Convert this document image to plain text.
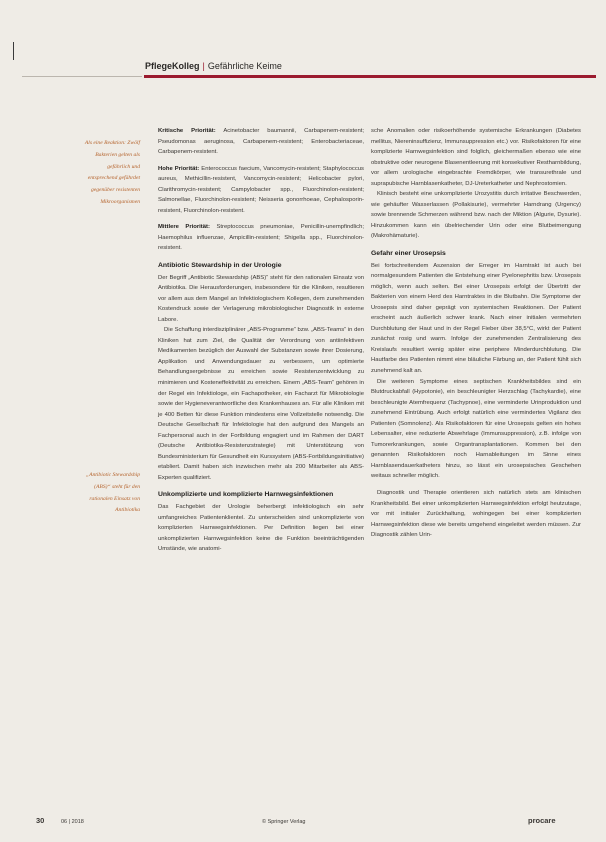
PflegeKolleg | Gefährliche Keime
Als eine Reaktion: Zwölf Bakterien gelten als gefährlich und entsprechend gefährdet gegenüber resistenten Mikroorganismen
„Antibiotic Stewardship (ABS)“ steht für den rationalen Einsatz von Antibiotika

Kritische Priorität: Acinetobacter baumannii, Carbapenem-resistent; Pseudomonas aeruginosa, Carbapenem-resistent; Enterobacteriaceae, Carbapenem-resistent.

Hohe Priorität: Enterococcus faecium, Vancomycin-resistent; Staphylococcus aureus, Methicillin-resistent, Vancomycin-resistent; Helicobacter pylori, Clarithromycin-resistent; Campylobacter spp., Fluorchinolon-resistent; Salmonellae, Fluorchinolon-resistent; Neisseria gonorrhoeae, Cephalosporin-resistent, Fluorchinolon-resistent.

Mittlere Priorität: Streptococcus pneumoniae, Penicillin-unempfindlich; Haemophilus influenzae, Ampicillin-resistent; Shigella spp., Fluorchinolon-resistent.

Antibiotic Stewardship in der Urologie

Der Begriff „Antibiotic Stewardship (ABS)“ steht für den rationalen Einsatz von Antibiotika. Die Herausforderungen, insbesondere für die Kliniken, resultieren vor allem aus dem Mangel an Infektiologischem Kollegen, dem zunehmenden Kostendruck sowie der Verlagerung mikrobiologischer Diagnostik in externe Labore.

Die Schaffung interdisziplinärer „ABS-Programme“ bzw. „ABS-Teams“ in den Kliniken hat zum Ziel, die Qualität der Verordnung von antiinfektiven Medikamenten bezüglich der Auswahl der Substanzen sowie ihrer Dosierung, Applikation und Anwendungsdauer zu verbessern, um optimierte Behandlungsergebnisse zu erreichen sowie Resistenzentwicklung zu minimieren und Kosteneffektivität zu erreichen. Einem „ABS-Team“ gehören in der Regel ein Infektiologe, ein Fachapotheker, ein Facharzt für Mikrobiologie sowie der Hygieneverantwortliche des Krankenhauses an. Für alle Kliniken mit je 400 Betten für diese Funktion mindestens eine Vollzeitstelle notwendig. Die Deutsche Gesellschaft für Infektiologie hat den aufgrund des Mangels an Fachpersonal auch in der Fortbildung engagiert und im Rahmen der DART (Deutsche Antibiotika-Resistenzstrategie) mit Unterstützung von Bundesministerium für Gesundheit ein Kurssystem (ABS-Fortbildungsinitiative) etabliert. Damit haben sich inzwischen mehr als 200 Mitarbeiter als ABS-Experten qualifiziert.

Unkomplizierte und komplizierte Harnwegsinfektionen

Das Fachgebiet der Urologie beherbergt infektiologisch ein sehr umfangreiches Patientenklientel. Zu unterscheiden sind unkomplizierte von komplizierten Harnwegsinfektionen. Per Definition liegen bei einer unkomplizierten Harnwegsinfektion keine die Funktion beeinträchtigenden Umstände, wie anatomi-

sche Anomalien oder risikoerhöhende systemische Erkrankungen (Diabetes mellitus, Niereninsuffizienz, Immunsuppression etc.) vor. Risikofaktoren für eine komplizierte Harnwegsinfektion sind folglich, gleichermaßen ebenso wie eine obstruktive oder neurogene Blasenentleerung mit konsekutiver Restharnbildung, vor allem urologische eingebrachte Fremdkörper, wie transurethrale und suprapubische Harnblasenkatheter, DJ-Ureterkatheter und Nephrostomien.

Klinisch besteht eine unkomplizierte Urozystitis durch irritative Beschwerden, wie gehäufter Wasserlassen (Pollakisurie), vermehrter Harndrang (Urgency) sowie brennende Schmerzen während bzw. nach der Miktion (Algurie, Dysurie). Hinzukommen kann ein übelriechender Urin oder eine Blutbeimengung (Makrohämaturie).

Gefahr einer Urosepsis

Bei fortschreitendem Aszension der Erreger im Harntrakt ist auch bei normalgesundem Patienten die Entstehung einer Pyelonephritis bzw. Urosepsis möglich, wenn auch selten. Bei einer Urosepsis erfolgt der Übertritt der Bakterien von einem Herd des Harntraktes in die Blutbahn. Die Symptome der Urosepsis sind daher geprägt von systemischen Reaktionen. Der Patient erscheint auch äußerlich schwer krank. Nach einer initialen vermehrten Durchblutung der Haut und in der Regel Fieber über 38,5°C, wirkt der Patient zunächst rosig und warm. Infolge der zunehmenden Zentralisierung des Kreislaufs resultiert wenig später eine periphere Minderdurchblutung. Die Hautfarbe des Patienten nimmt eine bläuliche Färbung an, der Patient fühlt sich zunehmend kalt an.

Die weiteren Symptome eines septischen Krankheitsbildes sind ein Blutdruckabfall (Hypotonie), ein beschleunigter Herzschlag (Tachykardie), eine beschleunigte Atemfrequenz (Tachypnoe), eine verminderte Urinproduktion und zunehmend Eintrübung. Auch erfolgt natürlich eine vermindertes Vigilanz des Patienten (Somnolenz). Als Risikofaktoren für eine Urosepsis gelten ein hohes Lebensalter, eine reduzierte Abwehrlage (Immunsuppression), z.B. infolge von Tumorerkrankungen, sowie Organtransplantationen. Kommen bei den genannten Risikofaktoren noch Harnableitungen im Sinne eines Harnblasendauerkatheters hinzu, so lässt ein urosepsisches Geschehen weitaus schneller möglich.

Diagnostik und Therapie orientieren sich natürlich stets am klinischen Krankheitsbild. Bei einer unkomplizierten Harnwegsinfektion erfolgt heutzutage, vor mit initialer Zurückhaltung, wohingegen bei einer komplizierten Harnwegsinfektion diese wie bereits umgehend eingeleitet werden müssen. Zur Diagnostik zählen Urin-

30	06 | 2018	© Springer Verlag	procare
